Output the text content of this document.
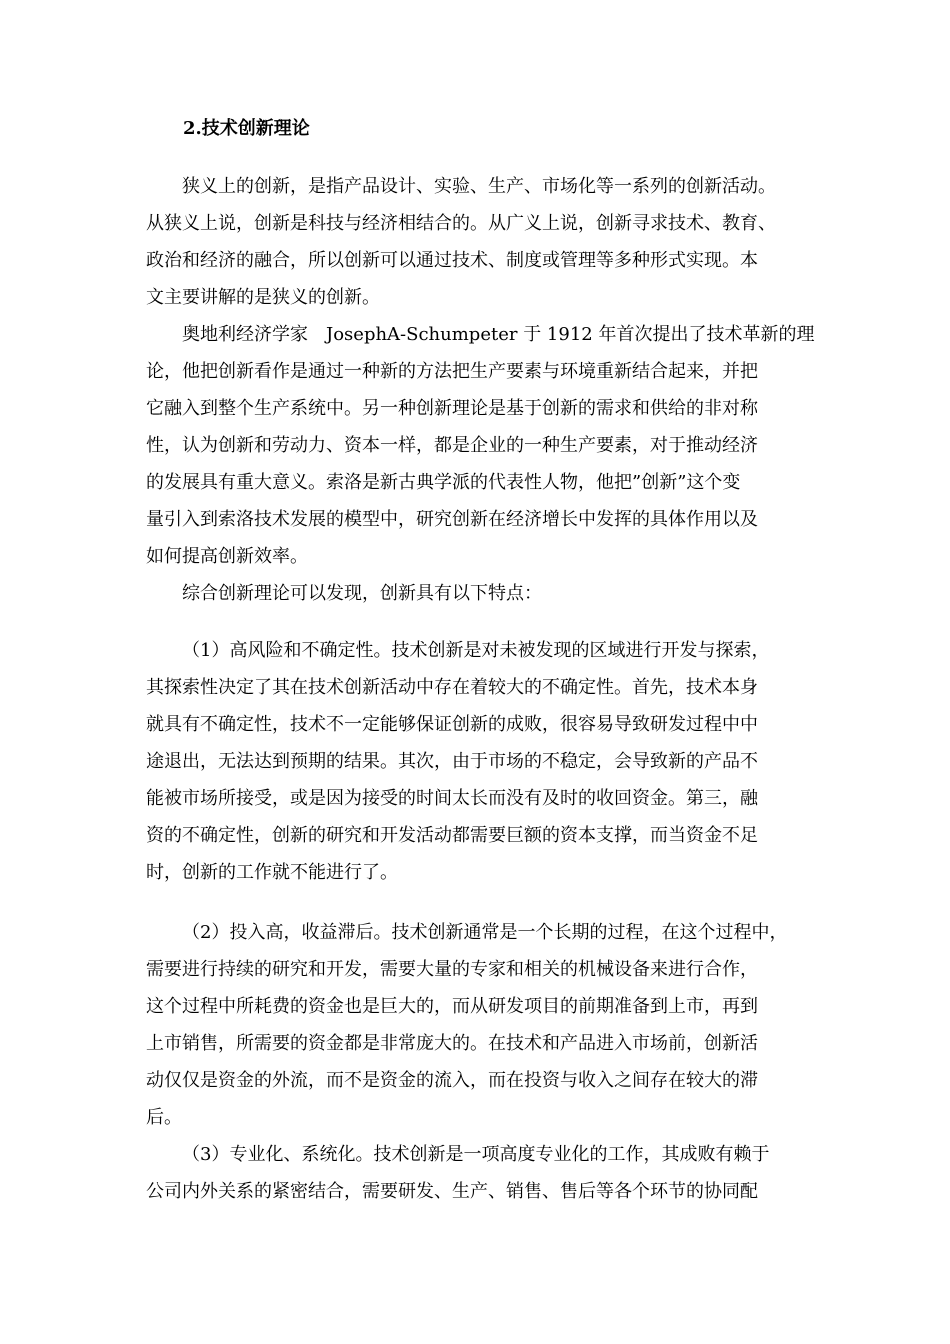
2.技术创新理论
狭义上的创新，是指产品设计、实验、生产、市场化等一系列的创新活动。
从狭义上说，创新是科技与经济相结合的。从广义上说，创新寻求技术、教育、
政治和经济的融合，所以创新可以通过技术、制度或管理等多种形式实现。本
文主要讲解的是狭义的创新。
奥地利经济学家　JosephA-Schumpeter 于 1912 年首次提出了技术革新的理
论，他把创新看作是通过一种新的方法把生产要素与环境重新结合起来，并把
它融入到整个生产系统中。另一种创新理论是基于创新的需求和供给的非对称
性，认为创新和劳动力、资本一样，都是企业的一种生产要素，对于推动经济
的发展具有重大意义。索洛是新古典学派的代表性人物，他把”创新”这个变
量引入到索洛技术发展的模型中，研究创新在经济增长中发挥的具体作用以及
如何提高创新效率。
综合创新理论可以发现，创新具有以下特点：
（1）高风险和不确定性。技术创新是对未被发现的区域进行开发与探索，
其探索性决定了其在技术创新活动中存在着较大的不确定性。首先，技术本身
就具有不确定性，技术不一定能够保证创新的成败，很容易导致研发过程中中
途退出，无法达到预期的结果。其次，由于市场的不稳定，会导致新的产品不
能被市场所接受，或是因为接受的时间太长而没有及时的收回资金。第三，融
资的不确定性，创新的研究和开发活动都需要巨额的资本支撑，而当资金不足
时，创新的工作就不能进行了。
（2）投入高，收益滞后。技术创新通常是一个长期的过程，在这个过程中，
需要进行持续的研究和开发，需要大量的专家和相关的机械设备来进行合作，
这个过程中所耗费的资金也是巨大的，而从研发项目的前期准备到上市，再到
上市销售，所需要的资金都是非常庞大的。在技术和产品进入市场前，创新活
动仅仅是资金的外流，而不是资金的流入，而在投资与收入之间存在较大的滞
后。
（3）专业化、系统化。技术创新是一项高度专业化的工作，其成败有赖于
公司内外关系的紧密结合，需要研发、生产、销售、售后等各个环节的协同配
